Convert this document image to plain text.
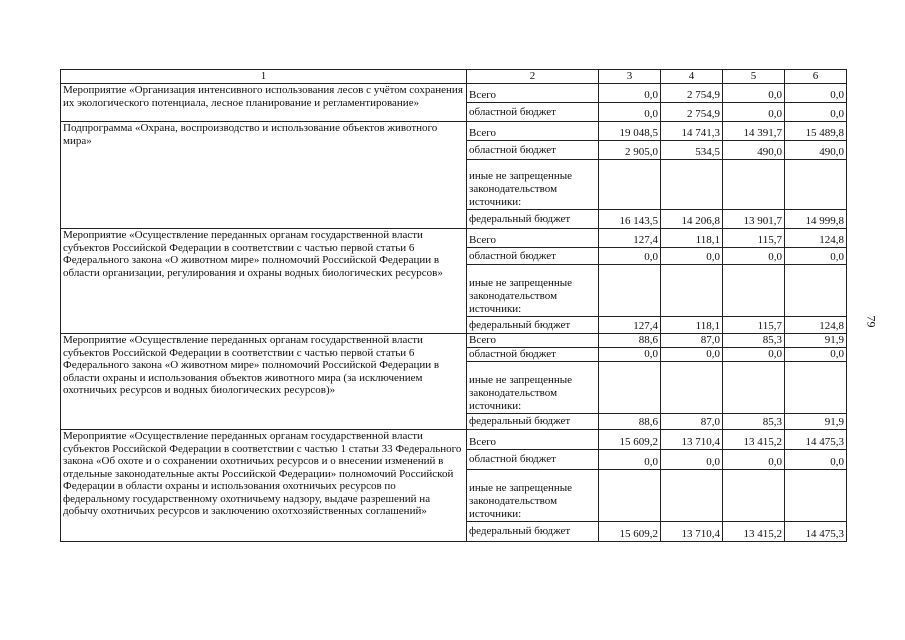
1	2	3	4	5	6
Мероприятие «Организация интенсивного использования лесов с учётом сохранения их экологического потенциала, лесное планирование и регламентирование»	Всего	0,0	2 754,9	0,0	0,0
	областной бюджет	0,0	2 754,9	0,0	0,0
Подпрограмма «Охрана, воспроизводство и использование объектов животного мира»	Всего	19 048,5	14 741,3	14 391,7	15 489,8
	областной бюджет	2 905,0	534,5	490,0	490,0
	иные не запрещенные законодательством источники:				
	федеральный бюджет	16 143,5	14 206,8	13 901,7	14 999,8
Мероприятие «Осуществление переданных органам государственной власти субъектов Российской Федерации в соответствии с частью первой статьи 6 Федерального закона «О животном мире» полномочий Российской Федерации в области организации, регулирования и охраны водных биологических ресурсов»	Всего	127,4	118,1	115,7	124,8
	областной бюджет	0,0	0,0	0,0	0,0
	иные не запрещенные законодательством источники:				
	федеральный бюджет	127,4	118,1	115,7	124,8
Мероприятие «Осуществление переданных органам государственной власти субъектов Российской Федерации в соответствии с частью первой статьи 6 Федерального закона «О животном мире» полномочий Российской Федерации в области охраны и использования объектов животного мира (за исключением охотничьих ресурсов и водных биологических ресурсов)»	Всего	88,6	87,0	85,3	91,9
	областной бюджет	0,0	0,0	0,0	0,0
	иные не запрещенные законодательством источники:				
	федеральный бюджет	88,6	87,0	85,3	91,9
Мероприятие «Осуществление переданных органам государственной власти субъектов Российской Федерации в соответствии с частью 1 статьи 33 Федерального закона «Об охоте и о сохранении охотничьих ресурсов и о внесении изменений в отдельные законодательные акты Российской Федерации» полномочий Российской Федерации в области охраны и использования охотничьих ресурсов по федеральному государственному охотничьему надзору, выдаче разрешений на добычу охотничьих ресурсов и заключению охотхозяйственных соглашений»	Всего	15 609,2	13 710,4	13 415,2	14 475,3
	областной бюджет	0,0	0,0	0,0	0,0
	иные не запрещенные законодательством источники:				
	федеральный бюджет	15 609,2	13 710,4	13 415,2	14 475,3
79
